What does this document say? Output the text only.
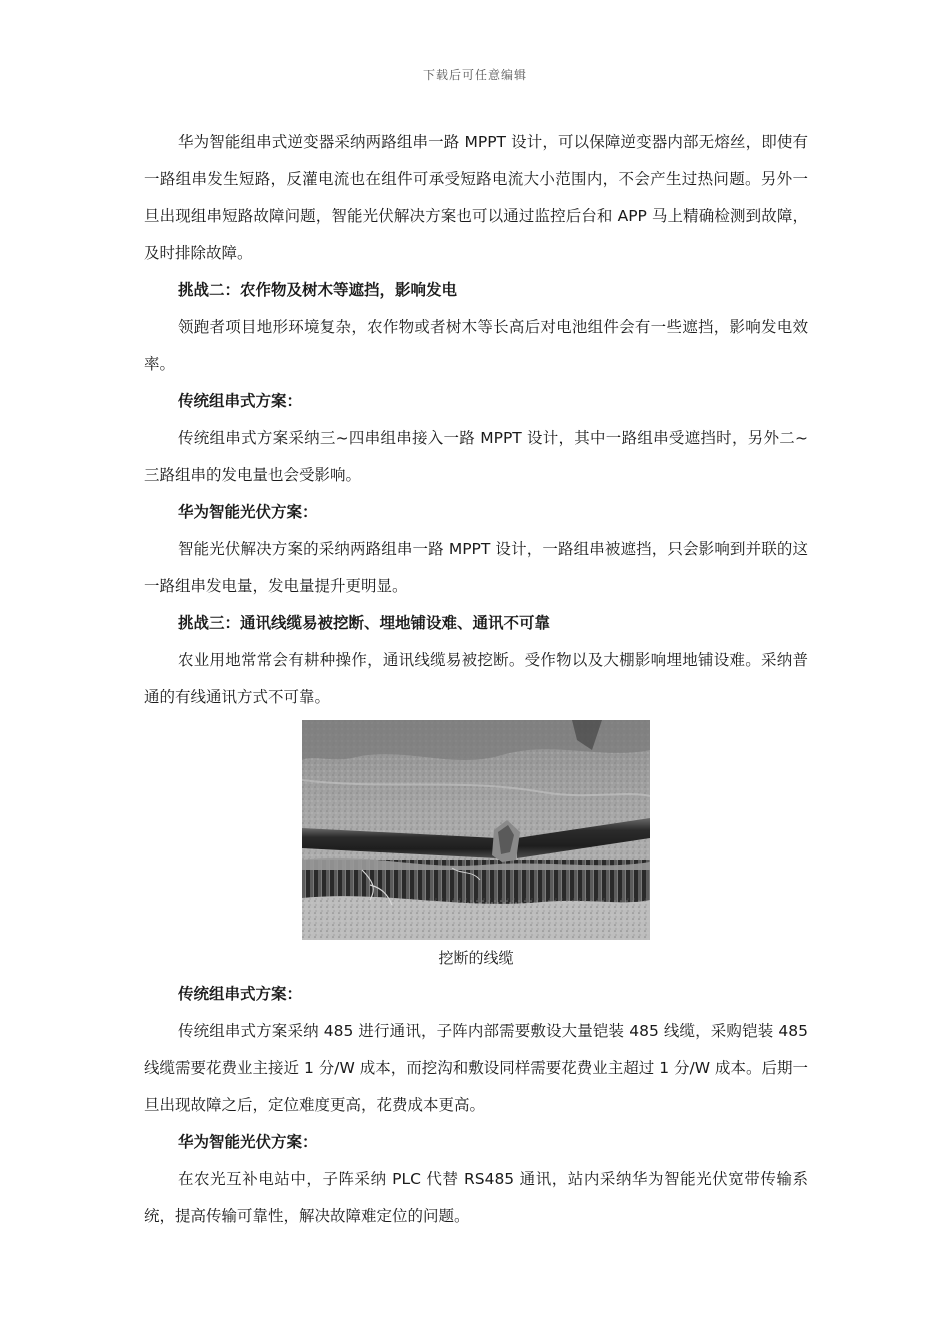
下载后可任意编辑

华为智能组串式逆变器采纳两路组串一路 MPPT 设计，可以保障逆变器内部无熔丝，即使有一路组串发生短路，反灌电流也在组件可承受短路电流大小范围内，不会产生过热问题。另外一旦出现组串短路故障问题，智能光伏解决方案也可以通过监控后台和 APP 马上精确检测到故障，及时排除故障。

挑战二：农作物及树木等遮挡，影响发电

领跑者项目地形环境复杂，农作物或者树木等长高后对电池组件会有一些遮挡，影响发电效率。

传统组串式方案：

传统组串式方案采纳三~四串组串接入一路 MPPT 设计，其中一路组串受遮挡时，另外二~三路组串的发电量也会受影响。

华为智能光伏方案：

智能光伏解决方案的采纳两路组串一路 MPPT 设计，一路组串被遮挡，只会影响到并联的这一路组串发电量，发电量提升更明显。

挑战三：通讯线缆易被挖断、埋地铺设难、通讯不可靠

农业用地常常会有耕种操作，通讯线缆易被挖断。受作物以及大棚影响埋地铺设难。采纳普通的有线通讯方式不可靠。

挖断的线缆

传统组串式方案：

传统组串式方案采纳 485 进行通讯，子阵内部需要敷设大量铠装 485 线缆，采购铠装 485 线缆需要花费业主接近 1 分/W 成本，而挖沟和敷设同样需要花费业主超过 1 分/W 成本。后期一旦出现故障之后，定位难度更高，花费成本更高。

华为智能光伏方案：

在农光互补电站中，子阵采纳 PLC 代替 RS485 通讯，站内采纳华为智能光伏宽带传输系统，提高传输可靠性，解决故障难定位的问题。
